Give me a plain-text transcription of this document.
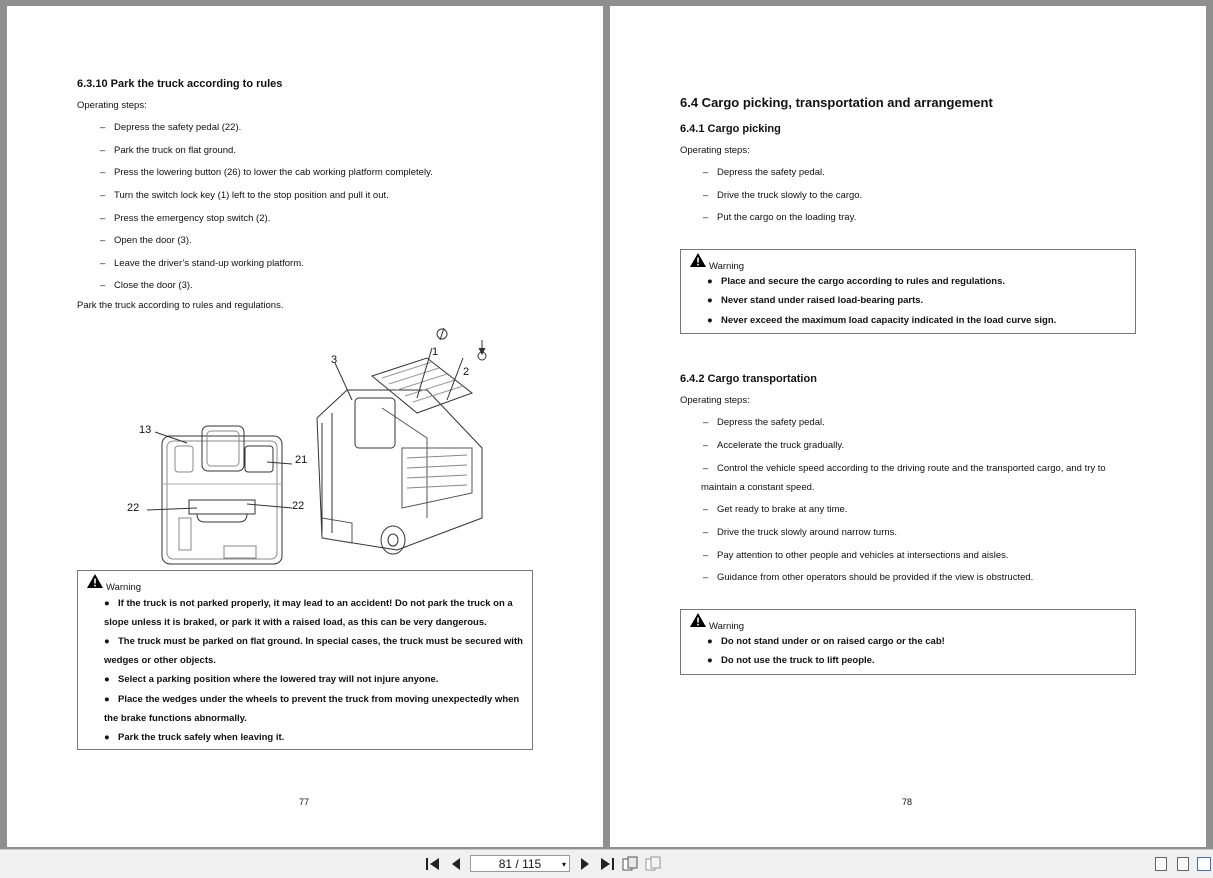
6.3.10 Park the truck according to rules
Operating steps:
– Depress the safety pedal (22).
– Park the truck on flat ground.
– Press the lowering button (26) to lower the cab working platform completely.
– Turn the switch lock key (1) left to the stop position and pull it out.
– Press the emergency stop switch (2).
– Open the door (3).
– Leave the driver’s stand-up working platform.
– Close the door (3).
Park the truck according to rules and regulations.
1
2
3
13
21
22	22
Warning
● If the truck is not parked properly, it may lead to an accident! Do not park the truck on a
slope unless it is braked, or park it with a raised load, as this can be very dangerous.
● The truck must be parked on flat ground. In special cases, the truck must be secured with
wedges or other objects.
● Select a parking position where the lowered tray will not injure anyone.
● Place the wedges under the wheels to prevent the truck from moving unexpectedly when
the brake functions abnormally.
● Park the truck safely when leaving it.
77
6.4 Cargo picking, transportation and arrangement
6.4.1 Cargo picking
Operating steps:
– Depress the safety pedal.
– Drive the truck slowly to the cargo.
– Put the cargo on the loading tray.
Warning
● Place and secure the cargo according to rules and regulations.
● Never stand under raised load-bearing parts.
● Never exceed the maximum load capacity indicated in the load curve sign.
6.4.2 Cargo transportation
Operating steps:
– Depress the safety pedal.
– Accelerate the truck gradually.
– Control the vehicle speed according to the driving route and the transported cargo, and try to
maintain a constant speed.
– Get ready to brake at any time.
– Drive the truck slowly around narrow turns.
– Pay attention to other people and vehicles at intersections and aisles.
– Guidance from other operators should be provided if the view is obstructed.
Warning
● Do not stand under or on raised cargo or the cab!
● Do not use the truck to lift people.
78
81 / 115	▾
